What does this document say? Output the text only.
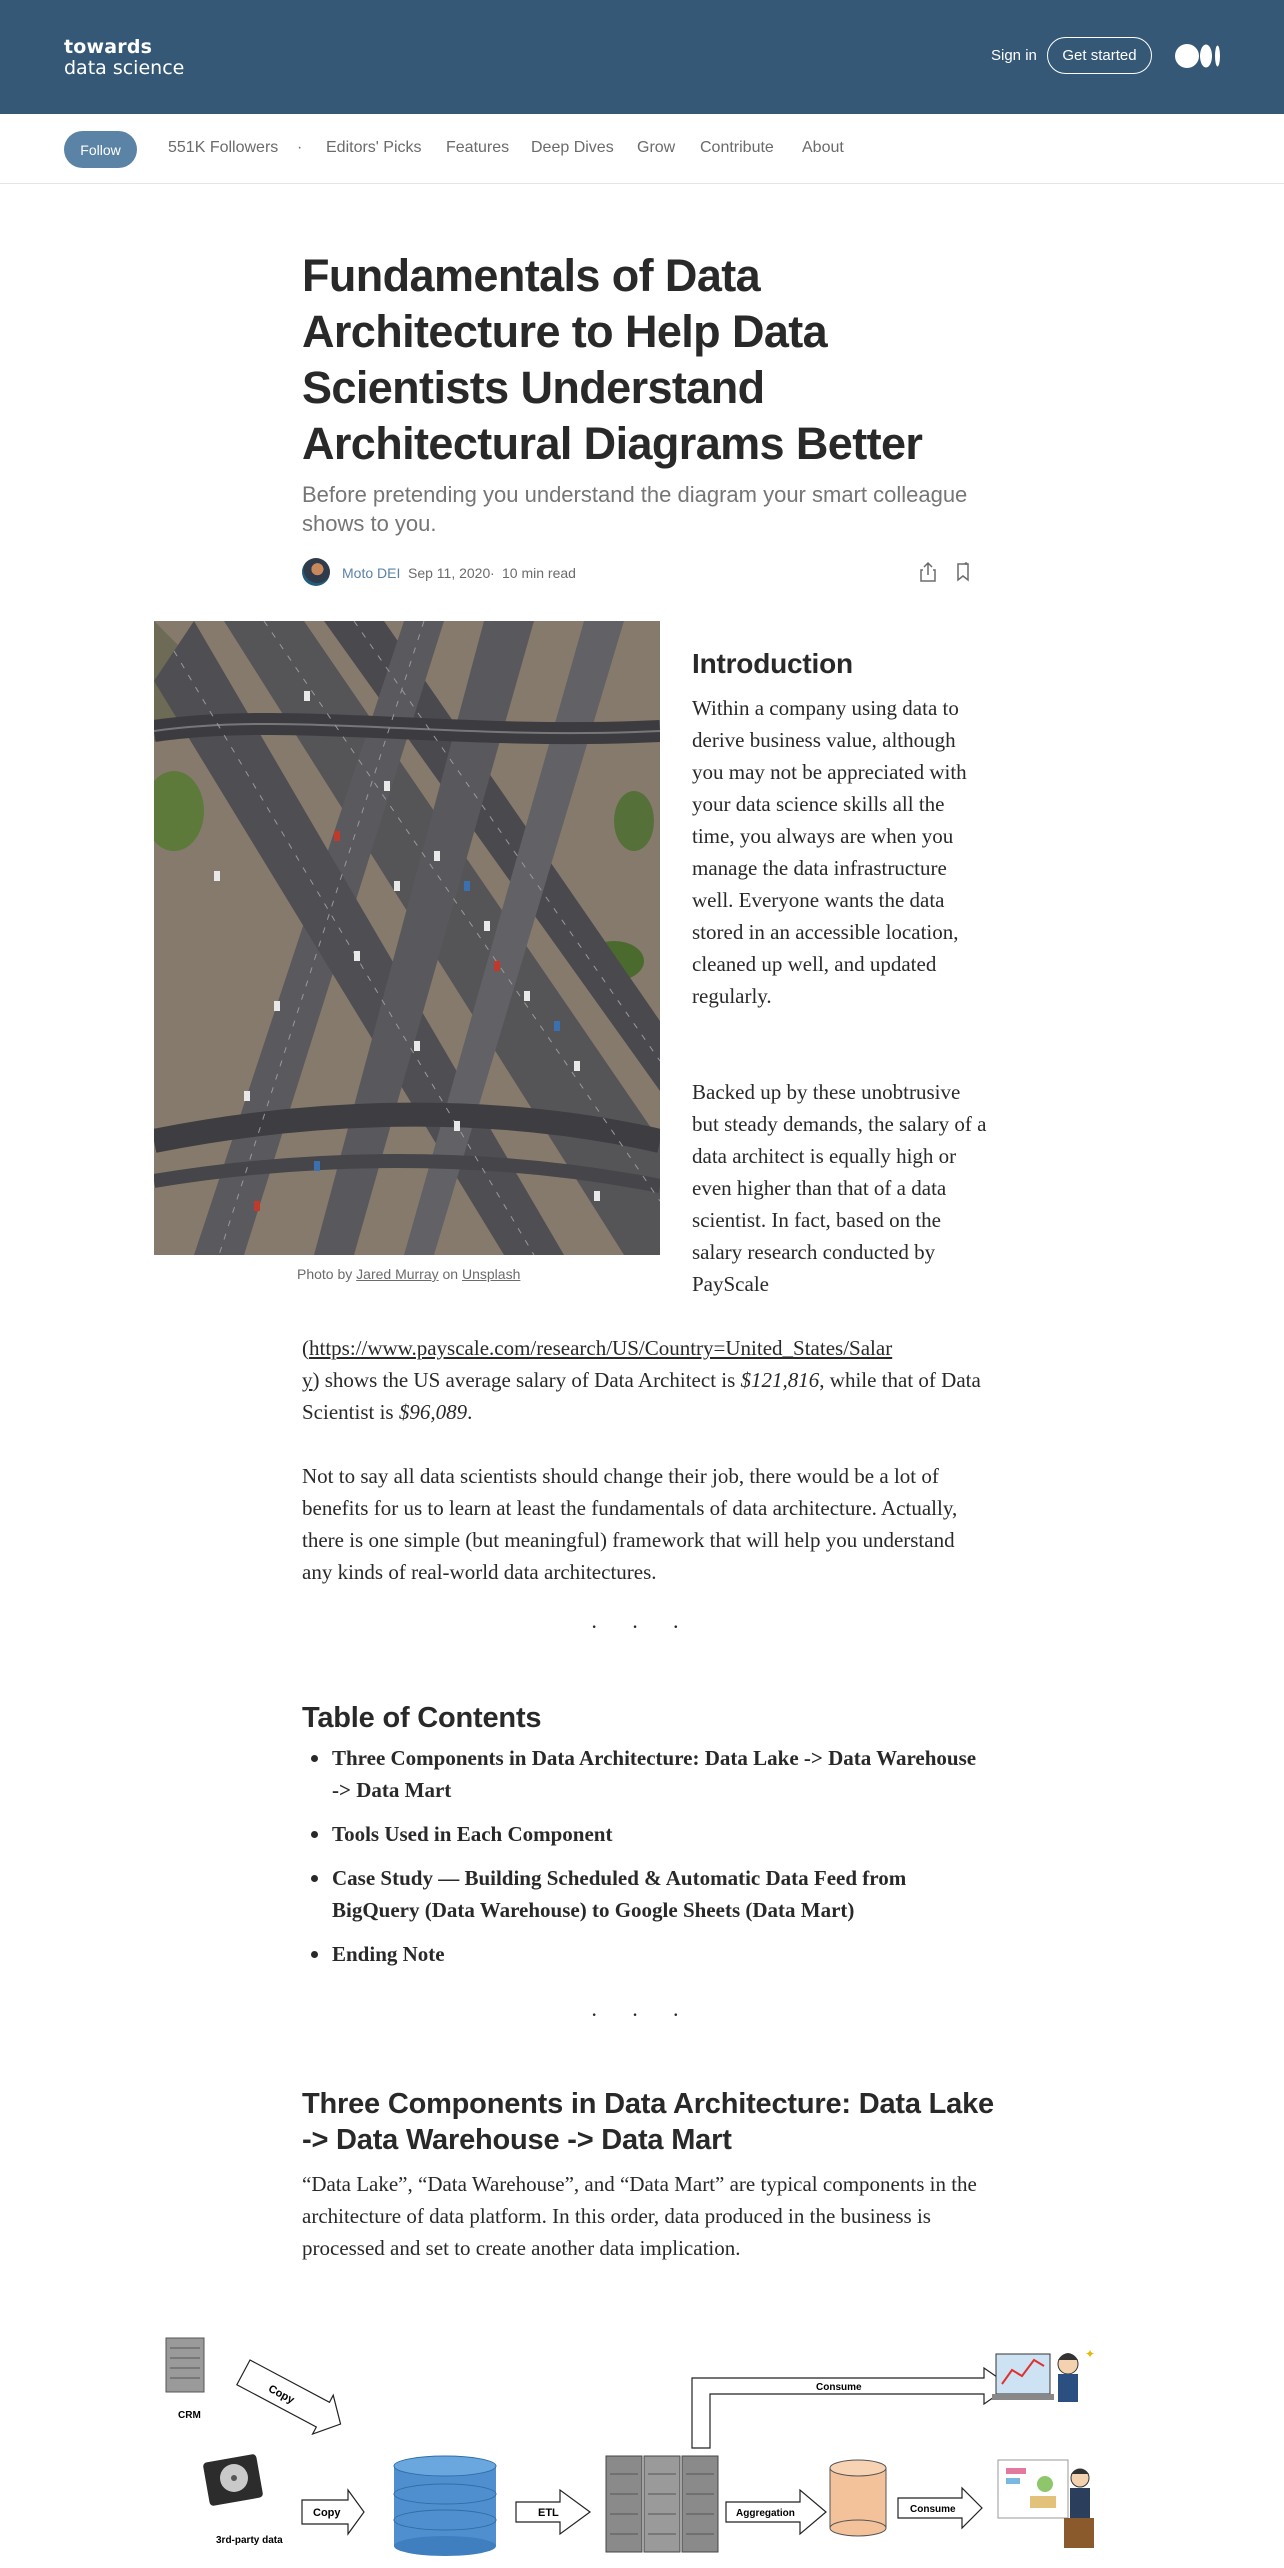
towards
data science
Sign in	Get started
Follow	551K Followers · Editors' Picks Features Deep Dives Grow Contribute About
Fundamentals of Data Architecture to Help Data Scientists Understand Architectural Diagrams Better
Before pretending you understand the diagram your smart colleague shows to you.
Moto DEI Sep 11, 2020 · 10 min read
Photo by Jared Murray on Unsplash
Introduction

Within a company using data to derive business value, although you may not be appreciated with your data science skills all the time, you always are when you manage the data infrastructure well. Everyone wants the data stored in an accessible location, cleaned up well, and updated regularly.

Backed up by these unobtrusive but steady demands, the salary of a data architect is equally high or even higher than that of a data scientist. In fact, based on the salary research conducted by PayScale

(https://www.payscale.com/research/US/Country=United_States/Salar
y) shows the US average salary of Data Architect is $121,816, while that of Data Scientist is $96,089.

Not to say all data scientists should change their job, there would be a lot of benefits for us to learn at least the fundamentals of data architecture. Actually, there is one simple (but meaningful) framework that will help you understand any kinds of real-world data architectures.

· · ·
Table of Contents
Three Components in Data Architecture: Data Lake -> Data Warehouse -> Data Mart
Tools Used in Each Component
Case Study — Building Scheduled & Automatic Data Feed from BigQuery (Data Warehouse) to Google Sheets (Data Mart)
Ending Note
· · ·
Three Components in Data Architecture: Data Lake -> Data Warehouse -> Data Mart

“Data Lake”, “Data Warehouse”, and “Data Mart” are typical components in the architecture of data platform. In this order, data produced in the business is processed and set to create another data implication.

CRM
Copy
3rd-party data
Copy	ETL	Aggregation	Consume
Consume
✦
